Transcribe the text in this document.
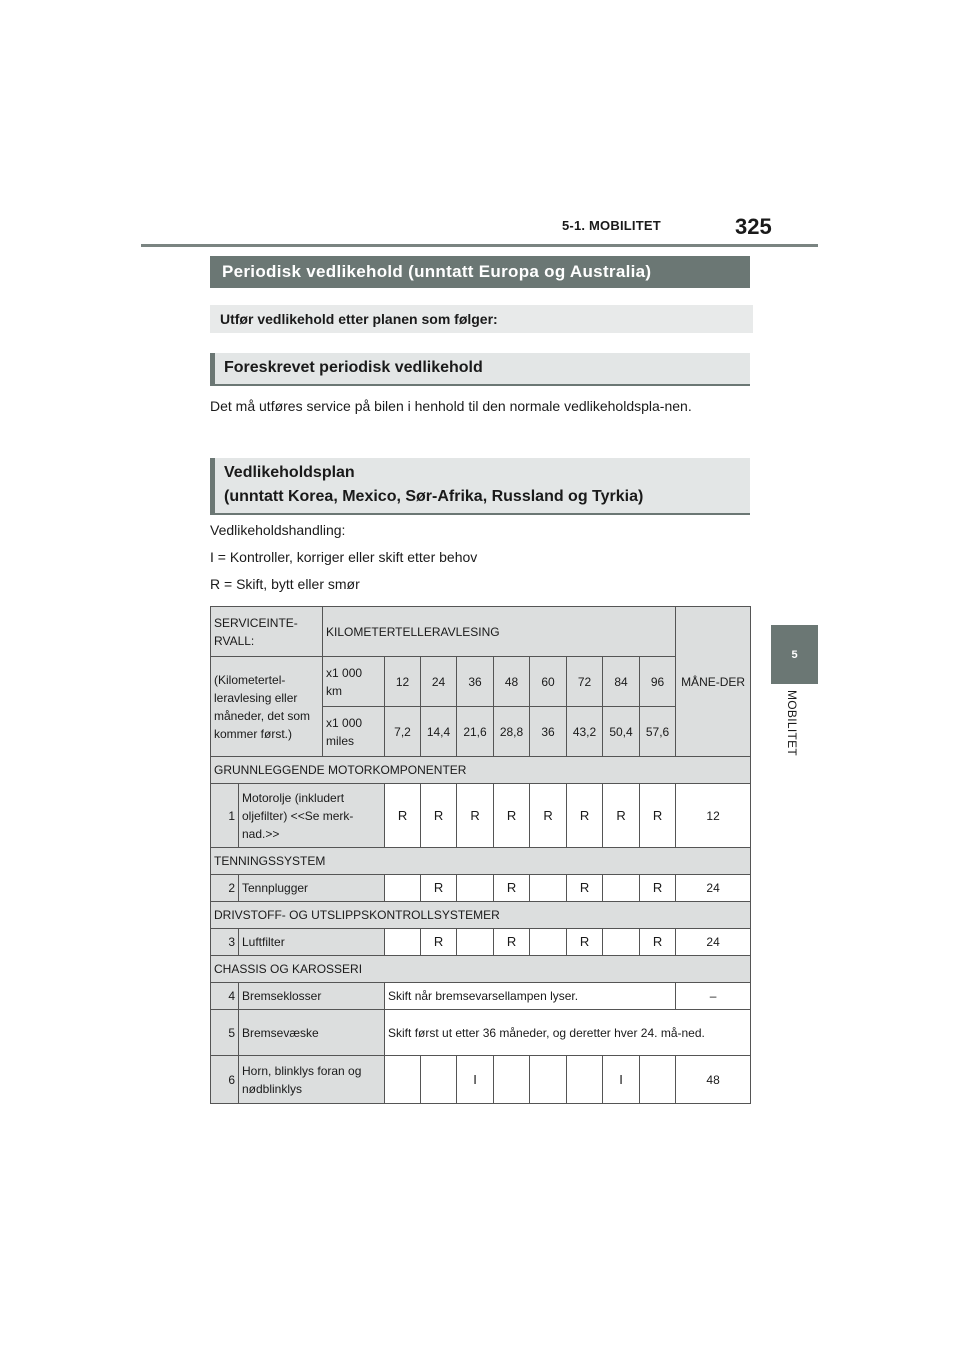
5-1. MOBILITET	325
5
MOBILITET
Periodisk vedlikehold (unntatt Europa og Australia)
Utfør vedlikehold etter planen som følger:
Foreskrevet periodisk vedlikehold
Det må utføres service på bilen i henhold til den normale vedlikeholdspla-nen.
Vedlikeholdsplan
(unntatt Korea, Mexico, Sør-Afrika, Russland og Tyrkia)
Vedlikeholdshandling:
I = Kontroller, korriger eller skift etter behov
R = Skift, bytt eller smør
SERVICEINTE-RVALL:		KILOMETERTELLERAVLESING									MÅNE-DER
(Kilometertel-leravlesing eller måneder, det som kommer først.)		x1 000 km	12	24	36	48	60	72	84	96	
		x1 000 miles	7,2	14,4	21,6	28,8	36	43,2	50,4	57,6	
GRUNNLEGGENDE MOTORKOMPONENTER											
1	Motorolje (inkludert oljefilter) <<Se merk-nad.>>		R	R	R	R	R	R	R	R	12
TENNINGSSYSTEM											
2	Tennplugger			R		R		R		R	24
DRIVSTOFF- OG UTSLIPPSKONTROLLSYSTEMER											
3	Luftfilter			R		R		R		R	24
CHASSIS OG KAROSSERI											
4	Bremseklosser		Skift når bremsevarsellampen lyser.								–
5	Bremsevæske		Skift først ut etter 36 måneder, og deretter hver 24. må-ned.								
6	Horn, blinklys foran og nødblinklys				I				I		48
